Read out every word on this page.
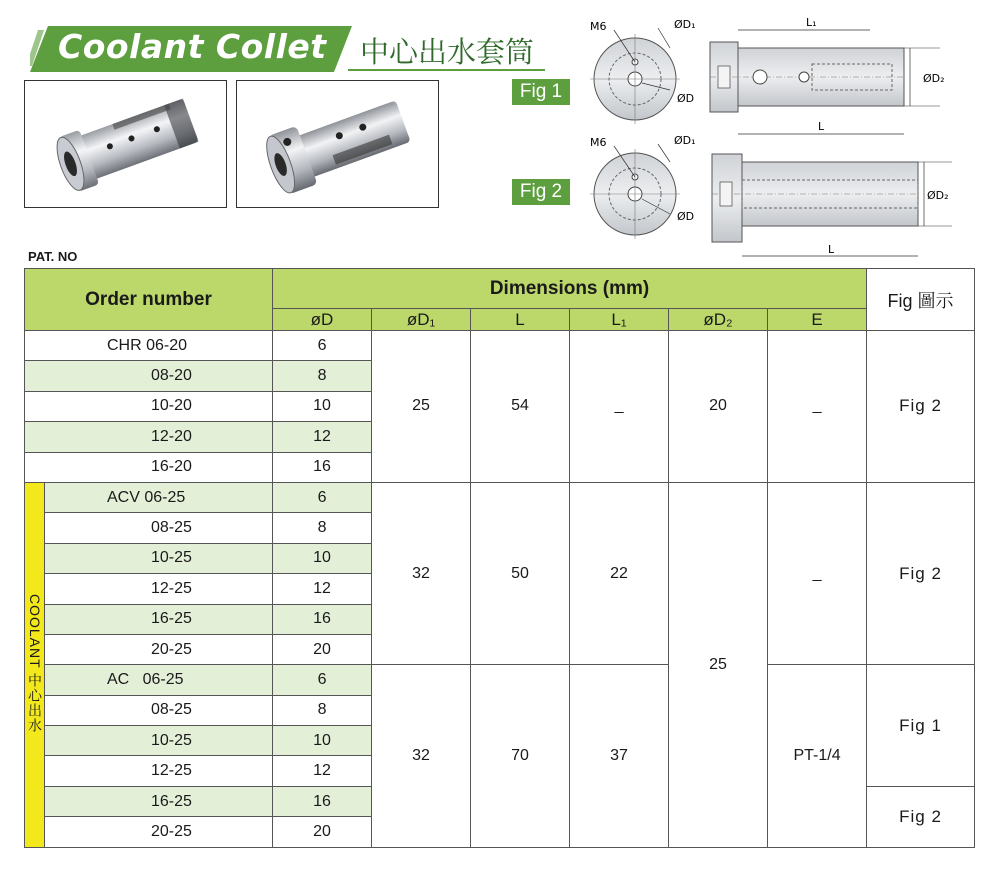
Coolant Collet 中心出水套筒
Fig 1
Fig 2
M6	ØD₁
ØD
L₁
L
ØD₂
M6	ØD₁
ØD
L
ØD₂
PAT. NO
Order number		Dimensions (mm)						Fig 圖示
		øD	øD₁	L	L₁	øD₂	E	
CHR 06-20		6	25	54	_	20	_	Fig 2
08-20		8						
10-20		10						
12-20		12						
16-20		16						
COOLANT 中心出水	ACV 06-25	6	32	50	22	25	_	Fig 2
	08-25	8						
	10-25	10						
	12-25	12						
	16-25	16						
	20-25	20						
	AC   06-25	6	32	70	37		PT-1/4	Fig 1
	08-25	8						
	10-25	10						
	12-25	12						
	16-25	16						Fig 2
	20-25	20						
